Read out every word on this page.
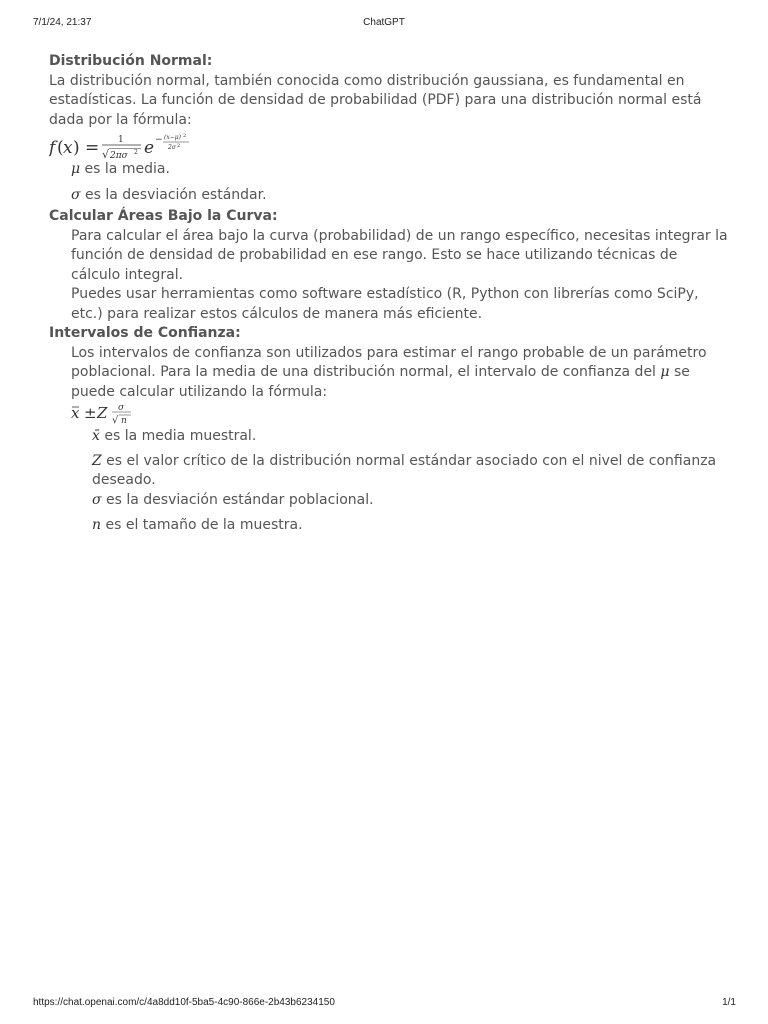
7/1/24, 21:37	ChatGPT
Distribución Normal:
La distribución normal, también conocida como distribución gaussiana, es fundamental en estadísticas. La función de densidad de probabilidad (PDF) para una distribución normal está dada por la fórmula:
f ( x ) = 1
√ 2πσ 2 e − (x−μ) 2
2σ 2
μ es la media.
σ es la desviación estándar.
Calcular Áreas Bajo la Curva:
Para calcular el área bajo la curva (probabilidad) de un rango específico, necesitas integrar la función de densidad de probabilidad en ese rango. Esto se hace utilizando técnicas de cálculo integral.
Puedes usar herramientas como software estadístico (R, Python con librerías como SciPy, etc.) para realizar estos cálculos de manera más eficiente.
Intervalos de Confianza:
Los intervalos de confianza son utilizados para estimar el rango probable de un parámetro poblacional. Para la media de una distribución normal, el intervalo de confianza del μ se puede calcular utilizando la fórmula:
x ± Z σ
√ n
x̄ es la media muestral.
Z es el valor crítico de la distribución normal estándar asociado con el nivel de confianza deseado.
σ es la desviación estándar poblacional.
n es el tamaño de la muestra.
https://chat.openai.com/c/4a8dd10f-5ba5-4c90-866e-2b43b6234150	1/1
